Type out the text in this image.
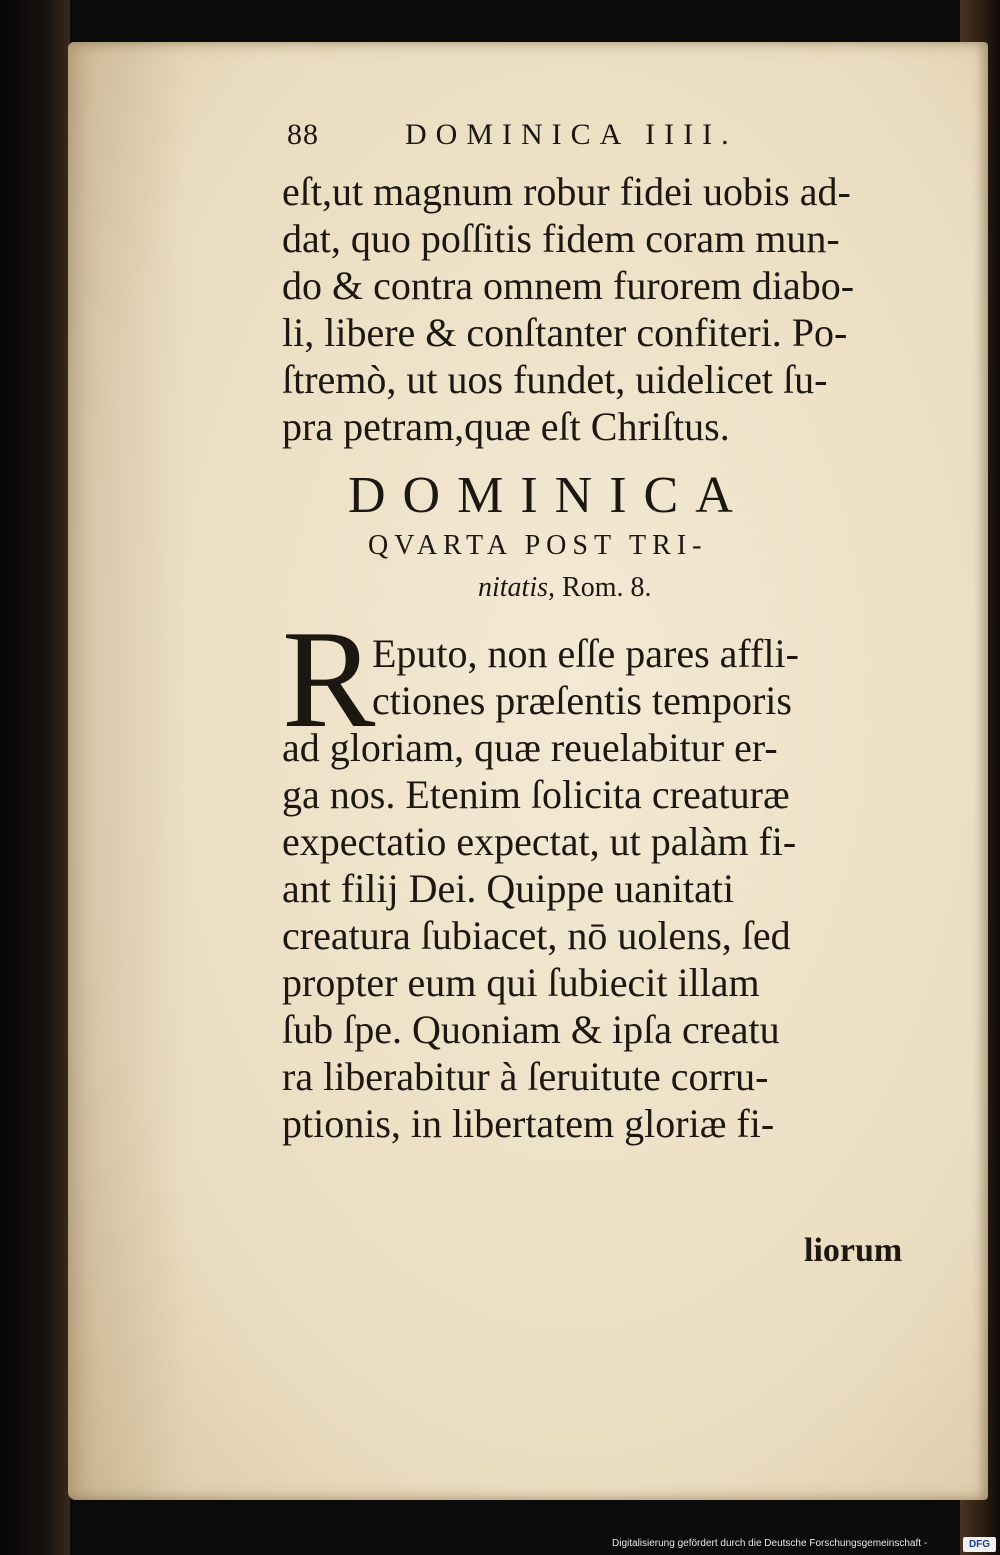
88	DOMINICA IIII.
eſt,ut magnum robur fidei uobis ad-
dat, quo poſſitis fidem coram mun-
do & contra omnem furorem diabo-
li, libere & conſtanter confiteri. Po-
ſtremò, ut uos fundet, uidelicet ſu-
pra petram,quæ eſt Chriſtus.
DOMINICA
QVARTA POST TRI-
nitatis, Rom. 8.
R
Eputo, non eſſe pares affli-
ctiones præſentis temporis
ad gloriam, quæ reuelabitur er-
ga nos. Etenim ſolicita creaturæ
expectatio expectat, ut palàm fi-
ant filij Dei. Quippe uanitati
creatura ſubiacet, nō uolens, ſed
propter eum qui ſubiecit illam
ſub ſpe. Quoniam & ipſa creatu
ra liberabitur à ſeruitute corru-
ptionis, in libertatem gloriæ fi-
liorum
Digitalisierung gefördert durch die Deutsche Forschungsgemeinschaft -	DFG
